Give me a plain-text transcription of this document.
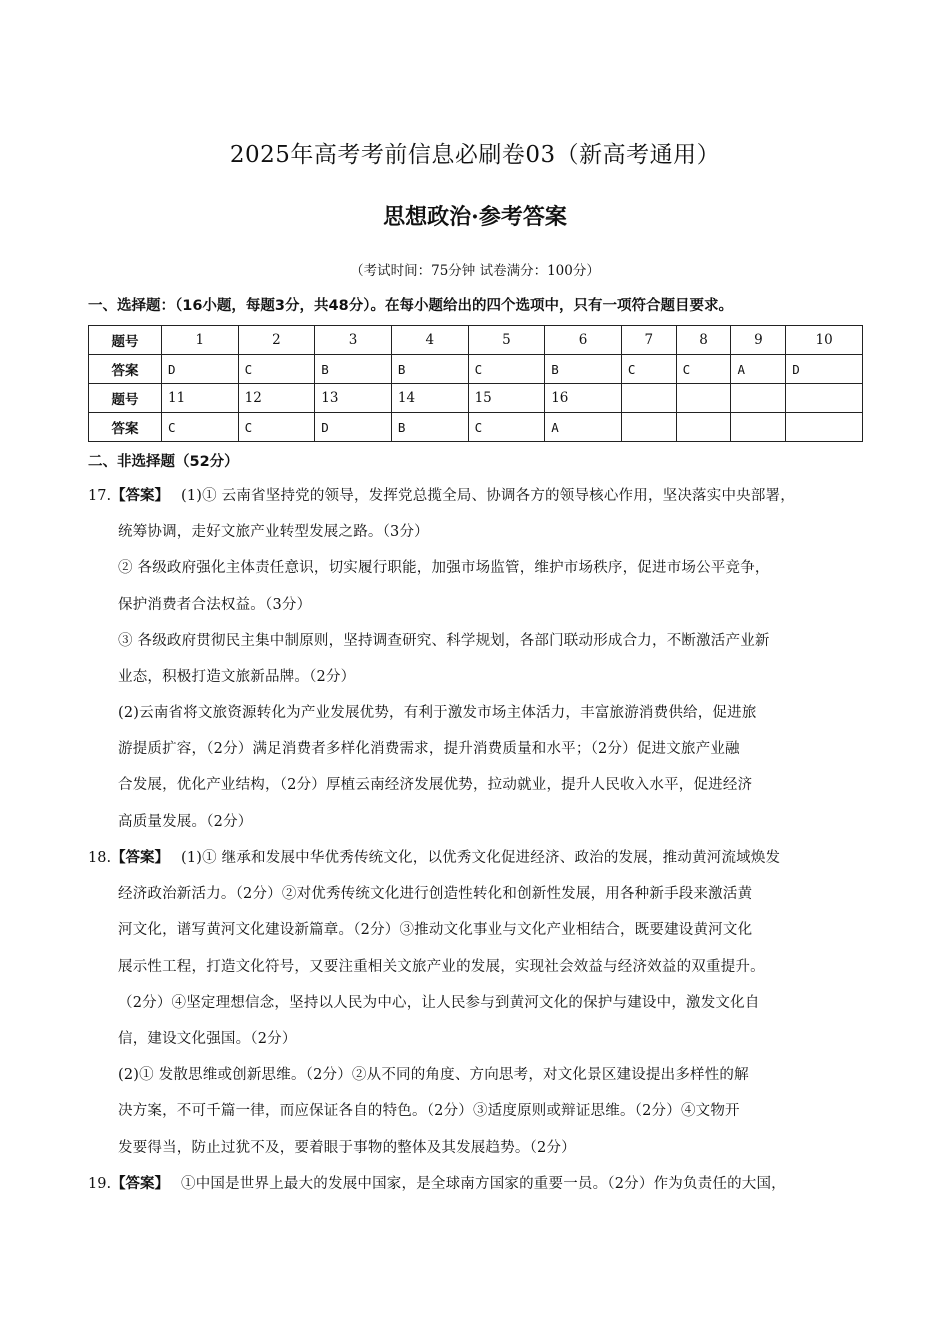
2025年高考考前信息必刷卷03（新高考通用）
思想政治·参考答案
（考试时间：75分钟 试卷满分：100分）
一、选择题：（16小题，每题3分，共48分）。在每小题给出的四个选项中，只有一项符合题目要求。
题号	1	2	3	4	5	6	7	8	9	10
答案	D	C	B	B	C	B	C	C	A	D
题号	11	12	13	14	15	16				
答案	C	C	D	B	C	A				
二、非选择题（52分）
17.【答案】 (1)① 云南省坚持党的领导，发挥党总揽全局、协调各方的领导核心作用，坚决落实中央部署，
统筹协调，走好文旅产业转型发展之路。（3分）
② 各级政府强化主体责任意识，切实履行职能，加强市场监管，维护市场秩序，促进市场公平竞争，
保护消费者合法权益。（3分）
③ 各级政府贯彻民主集中制原则，坚持调查研究、科学规划，各部门联动形成合力，不断激活产业新
业态，积极打造文旅新品牌。（2分）
(2)云南省将文旅资源转化为产业发展优势，有利于激发市场主体活力，丰富旅游消费供给，促进旅
游提质扩容，（2分）满足消费者多样化消费需求，提升消费质量和水平；（2分）促进文旅产业融
合发展，优化产业结构，（2分）厚植云南经济发展优势，拉动就业，提升人民收入水平，促进经济
高质量发展。（2分）
18.【答案】 (1)① 继承和发展中华优秀传统文化，以优秀文化促进经济、政治的发展，推动黄河流域焕发
经济政治新活力。（2分）②对优秀传统文化进行创造性转化和创新性发展，用各种新手段来激活黄
河文化，谱写黄河文化建设新篇章。（2分）③推动文化事业与文化产业相结合，既要建设黄河文化
展示性工程，打造文化符号，又要注重相关文旅产业的发展，实现社会效益与经济效益的双重提升。
（2分）④坚定理想信念，坚持以人民为中心，让人民参与到黄河文化的保护与建设中，激发文化自
信，建设文化强国。（2分）
(2)① 发散思维或创新思维。（2分）②从不同的角度、方向思考，对文化景区建设提出多样性的解
决方案，不可千篇一律，而应保证各自的特色。（2分）③适度原则或辩证思维。（2分）④文物开
发要得当，防止过犹不及，要着眼于事物的整体及其发展趋势。（2分）
19.【答案】 ①中国是世界上最大的发展中国家，是全球南方国家的重要一员。（2分）作为负责任的大国，
